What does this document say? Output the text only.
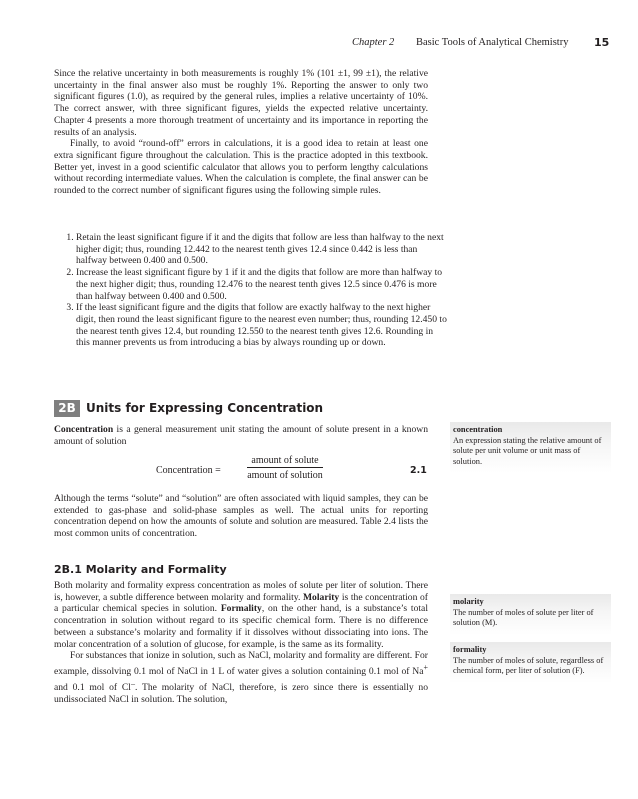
Chapter 2 Basic Tools of Analytical Chemistry 15

Since the relative uncertainty in both measurements is roughly 1% (101 ±1, 99 ±1), the relative uncertainty in the final answer also must be roughly 1%. Reporting the answer to only two significant figures (1.0), as required by the general rules, implies a relative uncertainty of 10%. The correct answer, with three significant figures, yields the expected relative uncertainty. Chapter 4 presents a more thorough treatment of uncertainty and its importance in reporting the results of an analysis.

Finally, to avoid “round-off” errors in calculations, it is a good idea to retain at least one extra significant figure throughout the calculation. This is the practice adopted in this textbook. Better yet, invest in a good scientific calculator that allows you to perform lengthy calculations without recording intermediate values. When the calculation is complete, the final answer can be rounded to the correct number of significant figures using the following simple rules.

1. Retain the least significant figure if it and the digits that follow are less than halfway to the next higher digit; thus, rounding 12.442 to the nearest tenth gives 12.4 since 0.442 is less than halfway between 0.400 and 0.500.
2. Increase the least significant figure by 1 if it and the digits that follow are more than halfway to the next higher digit; thus, rounding 12.476 to the nearest tenth gives 12.5 since 0.476 is more than halfway between 0.400 and 0.500.
3. If the least significant figure and the digits that follow are exactly halfway to the next higher digit, then round the least significant figure to the nearest even number; thus, rounding 12.450 to the nearest tenth gives 12.4, but rounding 12.550 to the nearest tenth gives 12.6. Rounding in this manner prevents us from introducing a bias by always rounding up or down.
2B Units for Expressing Concentration

Concentration is a general measurement unit stating the amount of solute present in a known amount of solution

Concentration =
amount of solute
amount of solution	2.1

Although the terms “solute” and “solution” are often associated with liquid samples, they can be extended to gas-phase and solid-phase samples as well. The actual units for reporting concentration depend on how the amounts of solute and solution are measured. Table 2.4 lists the most common units of concentration.

2B.1 Molarity and Formality

Both molarity and formality express concentration as moles of solute per liter of solution. There is, however, a subtle difference between molarity and formality. Molarity is the concentration of a particular chemical species in solution. Formality, on the other hand, is a substance’s total concentration in solution without regard to its specific chemical form. There is no difference between a substance’s molarity and formality if it dissolves without dissociating into ions. The molar concentration of a solution of glucose, for example, is the same as its formality.

For substances that ionize in solution, such as NaCl, molarity and formality are different. For example, dissolving 0.1 mol of NaCl in 1 L of water gives a solution containing 0.1 mol of Na+ and 0.1 mol of Cl–. The molarity of NaCl, therefore, is zero since there is essentially no undissociated NaCl in solution. The solution,

concentration
An expression stating the relative amount of solute per unit volume or unit mass of solution.
molarity
The number of moles of solute per liter of solution (M).
formality
The number of moles of solute, regardless of chemical form, per liter of solution (F).
